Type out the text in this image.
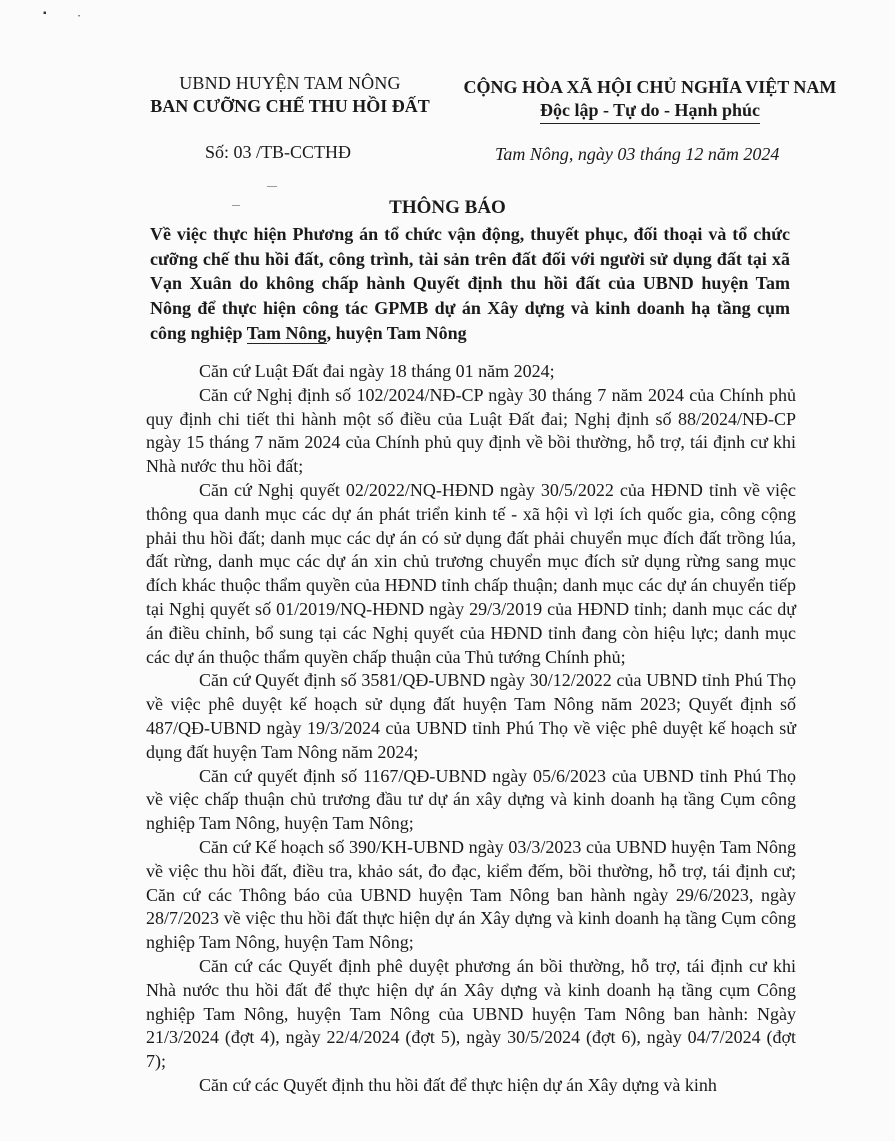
▪	•
UBND HUYỆN TAM NÔNG
BAN CƯỠNG CHẾ THU HỒI ĐẤT
CỘNG HÒA XÃ HỘI CHỦ NGHĨA VIỆT NAM
Độc lập - Tự do - Hạnh phúc
Số: 03 /TB-CCTHĐ	Tam Nông, ngày 03 tháng 12 năm 2024
THÔNG BÁO
Về việc thực hiện Phương án tổ chức vận động, thuyết phục, đối thoại và tổ chức cưỡng chế thu hồi đất, công trình, tài sản trên đất đối với người sử dụng đất tại xã Vạn Xuân do không chấp hành Quyết định thu hồi đất của UBND huyện Tam Nông để thực hiện công tác GPMB dự án Xây dựng và kinh doanh hạ tầng cụm công nghiệp Tam Nông, huyện Tam Nông

Căn cứ Luật Đất đai ngày 18 tháng 01 năm 2024;

Căn cứ Nghị định số 102/2024/NĐ-CP ngày 30 tháng 7 năm 2024 của Chính phủ quy định chi tiết thi hành một số điều của Luật Đất đai; Nghị định số 88/2024/NĐ-CP ngày 15 tháng 7 năm 2024 của Chính phủ quy định về bồi thường, hỗ trợ, tái định cư khi Nhà nước thu hồi đất;

Căn cứ Nghị quyết 02/2022/NQ-HĐND ngày 30/5/2022 của HĐND tỉnh về việc thông qua danh mục các dự án phát triển kinh tế - xã hội vì lợi ích quốc gia, công cộng phải thu hồi đất; danh mục các dự án có sử dụng đất phải chuyển mục đích đất trồng lúa, đất rừng, danh mục các dự án xin chủ trương chuyển mục đích sử dụng rừng sang mục đích khác thuộc thẩm quyền của HĐND tỉnh chấp thuận; danh mục các dự án chuyển tiếp tại Nghị quyết số 01/2019/NQ-HĐND ngày 29/3/2019 của HĐND tỉnh; danh mục các dự án điều chỉnh, bổ sung tại các Nghị quyết của HĐND tỉnh đang còn hiệu lực; danh mục các dự án thuộc thẩm quyền chấp thuận của Thủ tướng Chính phủ;

Căn cứ Quyết định số 3581/QĐ-UBND ngày 30/12/2022 của UBND tỉnh Phú Thọ về việc phê duyệt kế hoạch sử dụng đất huyện Tam Nông năm 2023; Quyết định số 487/QĐ-UBND ngày 19/3/2024 của UBND tỉnh Phú Thọ về việc phê duyệt kế hoạch sử dụng đất huyện Tam Nông năm 2024;

Căn cứ quyết định số 1167/QĐ-UBND ngày 05/6/2023 của UBND tỉnh Phú Thọ về việc chấp thuận chủ trương đầu tư dự án xây dựng và kinh doanh hạ tầng Cụm công nghiệp Tam Nông, huyện Tam Nông;

Căn cứ Kế hoạch số 390/KH-UBND ngày 03/3/2023 của UBND huyện Tam Nông về việc thu hồi đất, điều tra, khảo sát, đo đạc, kiểm đếm, bồi thường, hỗ trợ, tái định cư; Căn cứ các Thông báo của UBND huyện Tam Nông ban hành ngày 29/6/2023, ngày 28/7/2023 về việc thu hồi đất thực hiện dự án Xây dựng và kinh doanh hạ tầng Cụm công nghiệp Tam Nông, huyện Tam Nông;

Căn cứ các Quyết định phê duyệt phương án bồi thường, hỗ trợ, tái định cư khi Nhà nước thu hồi đất để thực hiện dự án Xây dựng và kinh doanh hạ tầng cụm Công nghiệp Tam Nông, huyện Tam Nông của UBND huyện Tam Nông ban hành: Ngày 21/3/2024 (đợt 4), ngày 22/4/2024 (đợt 5), ngày 30/5/2024 (đợt 6), ngày 04/7/2024 (đợt 7);

Căn cứ các Quyết định thu hồi đất để thực hiện dự án Xây dựng và kinh
